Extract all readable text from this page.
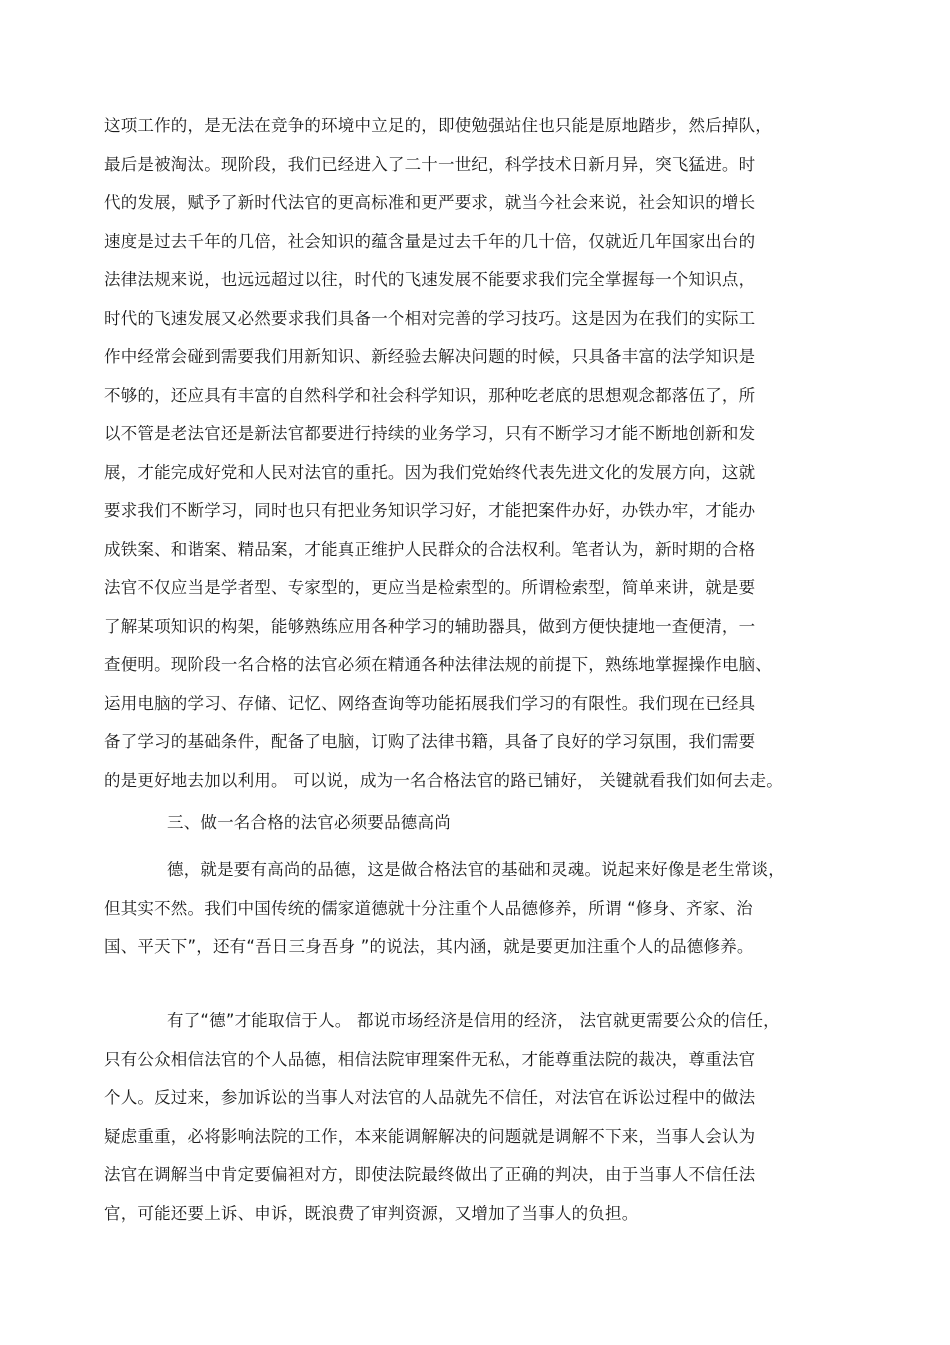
这项工作的，是无法在竞争的环境中立足的，即使勉强站住也只能是原地踏步，然后掉队，
最后是被淘汰。现阶段，我们已经进入了二十一世纪，科学技术日新月异，突飞猛进。时
代的发展，赋予了新时代法官的更高标准和更严要求，就当今社会来说，社会知识的增长
速度是过去千年的几倍，社会知识的蕴含量是过去千年的几十倍，仅就近几年国家出台的
法律法规来说，也远远超过以往，时代的飞速发展不能要求我们完全掌握每一个知识点，
时代的飞速发展又必然要求我们具备一个相对完善的学习技巧。这是因为在我们的实际工
作中经常会碰到需要我们用新知识、新经验去解决问题的时候，只具备丰富的法学知识是
不够的，还应具有丰富的自然科学和社会科学知识，那种吃老底的思想观念都落伍了，所
以不管是老法官还是新法官都要进行持续的业务学习，只有不断学习才能不断地创新和发
展，才能完成好党和人民对法官的重托。因为我们党始终代表先进文化的发展方向，这就
要求我们不断学习，同时也只有把业务知识学习好，才能把案件办好，办铁办牢，才能办
成铁案、和谐案、精品案，才能真正维护人民群众的合法权利。笔者认为，新时期的合格
法官不仅应当是学者型、专家型的，更应当是检索型的。所谓检索型，简单来讲，就是要
了解某项知识的构架，能够熟练应用各种学习的辅助器具，做到方便快捷地一查便清，一
查便明。现阶段一名合格的法官必须在精通各种法律法规的前提下，熟练地掌握操作电脑、
运用电脑的学习、存储、记忆、网络查询等功能拓展我们学习的有限性。我们现在已经具
备了学习的基础条件，配备了电脑，订购了法律书籍，具备了良好的学习氛围，我们需要
的是更好地去加以利用。 可以说，成为一名合格法官的路已铺好， 关键就看我们如何去走。
三、做一名合格的法官必须要品德高尚
德，就是要有高尚的品德，这是做合格法官的基础和灵魂。说起来好像是老生常谈，
但其实不然。我们中国传统的儒家道德就十分注重个人品德修养，所谓 “修身、齐家、治
国、平天下”，还有“吾日三身吾身 ”的说法，其内涵，就是要更加注重个人的品德修养。
有了“德”才能取信于人。 都说市场经济是信用的经济， 法官就更需要公众的信任，
只有公众相信法官的个人品德，相信法院审理案件无私，才能尊重法院的裁决，尊重法官
个人。反过来，参加诉讼的当事人对法官的人品就先不信任，对法官在诉讼过程中的做法
疑虑重重，必将影响法院的工作，本来能调解解决的问题就是调解不下来，当事人会认为
法官在调解当中肯定要偏袒对方，即使法院最终做出了正确的判决，由于当事人不信任法
官，可能还要上诉、申诉，既浪费了审判资源，又增加了当事人的负担。
